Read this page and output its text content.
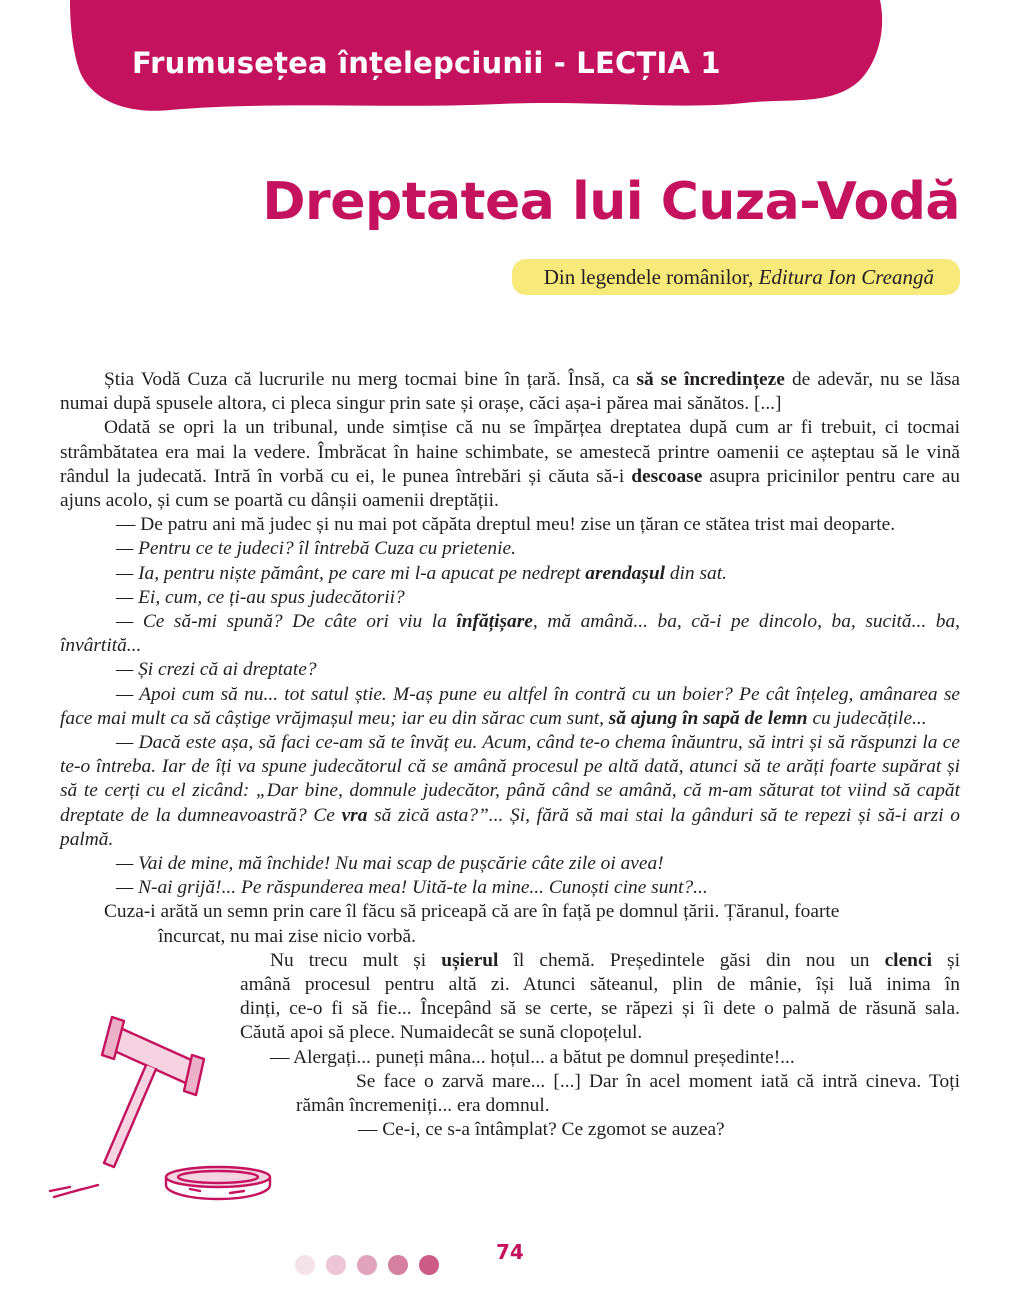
Frumusețea înțelepciunii - LECȚIA 1
Dreptatea lui Cuza-Vodă
Din legendele românilor, Editura Ion Creangă

Știa Vodă Cuza că lucrurile nu merg tocmai bine în țară. Însă, ca să se încredințeze de adevăr, nu se lăsa numai după spusele altora, ci pleca singur prin sate și orașe, căci așa-i părea mai sănătos. [...]

Odată se opri la un tribunal, unde simțise că nu se împărțea dreptatea după cum ar fi trebuit, ci tocmai strâmbătatea era mai la vedere. Îmbrăcat în haine schimbate, se amestecă printre oamenii ce așteptau să le vină rândul la judecată. Intră în vorbă cu ei, le punea întrebări și căuta să-i descoase asupra pricinilor pentru care au ajuns acolo, și cum se poartă cu dânșii oamenii dreptății.

— De patru ani mă judec și nu mai pot căpăta dreptul meu! zise un țăran ce stătea trist mai deoparte.

— Pentru ce te judeci? îl întrebă Cuza cu prietenie.

— Ia, pentru niște pământ, pe care mi l-a apucat pe nedrept arendașul din sat.

— Ei, cum, ce ți-au spus judecătorii?

— Ce să-mi spună? De câte ori viu la înfățișare, mă amână... ba, că-i pe dincolo, ba, sucită... ba, învârtită...

— Și crezi că ai dreptate?

— Apoi cum să nu... tot satul știe. M-aș pune eu altfel în contră cu un boier? Pe cât înțeleg, amânarea se face mai mult ca să câștige vrăjmașul meu; iar eu din sărac cum sunt, să ajung în sapă de lemn cu judecățile...

— Dacă este așa, să faci ce-am să te învăț eu. Acum, când te-o chema înăuntru, să intri și să răspunzi la ce te-o întreba. Iar de îți va spune judecătorul că se amână procesul pe altă dată, atunci să te arăți foarte supărat și să te cerți cu el zicând: „Dar bine, domnule judecător, până când se amână, că m-am săturat tot viind să capăt dreptate de la dumneavoastră? Ce vra să zică asta?”... Și, fără să mai stai la gânduri să te repezi și să-i arzi o palmă.

— Vai de mine, mă închide! Nu mai scap de pușcărie câte zile oi avea!

— N-ai grijă!... Pe răspunderea mea! Uită-te la mine... Cunoști cine sunt?...

Cuza-i arătă un semn prin care îl făcu să priceapă că are în față pe domnul țării. Țăranul, foarte

încurcat, nu mai zise nicio vorbă.

Nu trecu mult și ușierul îl chemă. Președintele găsi din nou un clenci și

amână procesul pentru altă zi. Atunci săteanul, plin de mânie, își luă inima în

dinți, ce-o fi să fie... Începând să se certe, se răpezi și îi dete o palmă de răsună sala.

Căută apoi să plece. Numaidecât se sună clopoțelul.

— Alergați... puneți mâna... hoțul... a bătut pe domnul președinte!...

Se face o zarvă mare... [...] Dar în acel moment iată că intră cineva. Toți

rămân încremeniți... era domnul.

— Ce-i, ce s-a întâmplat? Ce zgomot se auzea?

74
